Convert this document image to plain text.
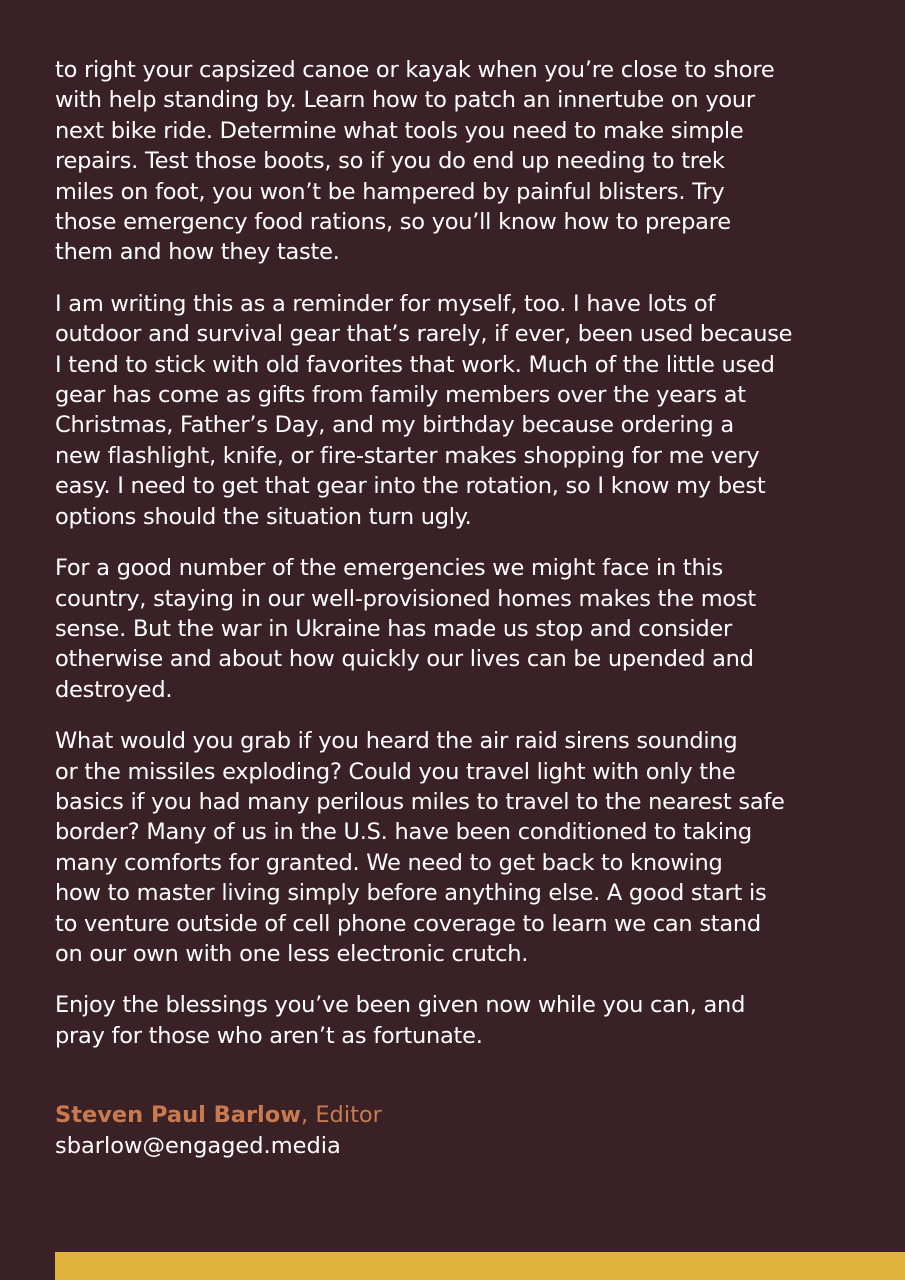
to right your capsized canoe or kayak when you’re close to shore
with help standing by. Learn how to patch an innertube on your
next bike ride. Determine what tools you need to make simple
repairs. Test those boots, so if you do end up needing to trek
miles on foot, you won’t be hampered by painful blisters. Try
those emergency food rations, so you’ll know how to prepare
them and how they taste.

I am writing this as a reminder for myself, too. I have lots of
outdoor and survival gear that’s rarely, if ever, been used because
I tend to stick with old favorites that work. Much of the little used
gear has come as gifts from family members over the years at
Christmas, Father’s Day, and my birthday because ordering a
new flashlight, knife, or fire-starter makes shopping for me very
easy. I need to get that gear into the rotation, so I know my best
options should the situation turn ugly.

For a good number of the emergencies we might face in this
country, staying in our well-provisioned homes makes the most
sense. But the war in Ukraine has made us stop and consider
otherwise and about how quickly our lives can be upended and
destroyed.

What would you grab if you heard the air raid sirens sounding
or the missiles exploding? Could you travel light with only the
basics if you had many perilous miles to travel to the nearest safe
border? Many of us in the U.S. have been conditioned to taking
many comforts for granted. We need to get back to knowing
how to master living simply before anything else. A good start is
to venture outside of cell phone coverage to learn we can stand
on our own with one less electronic crutch.

Enjoy the blessings you’ve been given now while you can, and
pray for those who aren’t as fortunate.

Steven Paul Barlow, Editor
sbarlow@engaged.media
